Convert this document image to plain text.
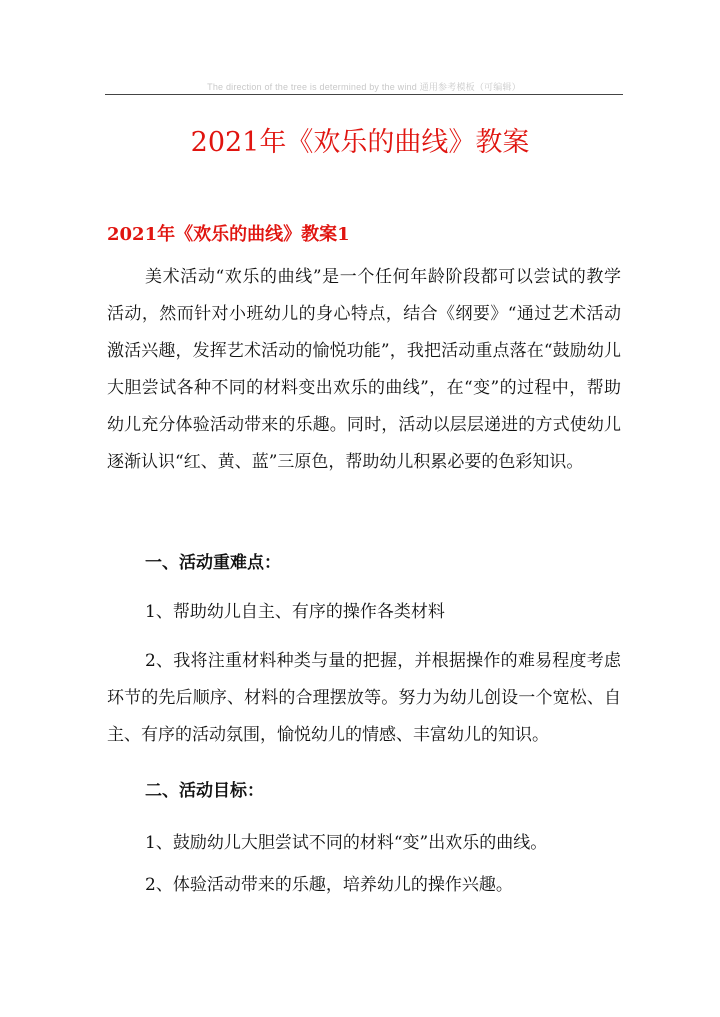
The direction of the tree is determined by the wind 通用参考模板（可编辑）
2021年《欢乐的曲线》教案
2021年《欢乐的曲线》教案1
美术活动“欢乐的曲线”是一个任何年龄阶段都可以尝试的教学活动，然而针对小班幼儿的身心特点，结合《纲要》“通过艺术活动激活兴趣，发挥艺术活动的愉悦功能”，我把活动重点落在“鼓励幼儿大胆尝试各种不同的材料变出欢乐的曲线”，在“变”的过程中，帮助幼儿充分体验活动带来的乐趣。同时，活动以层层递进的方式使幼儿逐渐认识“红、黄、蓝”三原色，帮助幼儿积累必要的色彩知识。
一、活动重难点：
1、帮助幼儿自主、有序的操作各类材料
2、我将注重材料种类与量的把握，并根据操作的难易程度考虑环节的先后顺序、材料的合理摆放等。努力为幼儿创设一个宽松、自主、有序的活动氛围，愉悦幼儿的情感、丰富幼儿的知识。
二、活动目标：
1、鼓励幼儿大胆尝试不同的材料“变”出欢乐的曲线。
2、体验活动带来的乐趣，培养幼儿的操作兴趣。
